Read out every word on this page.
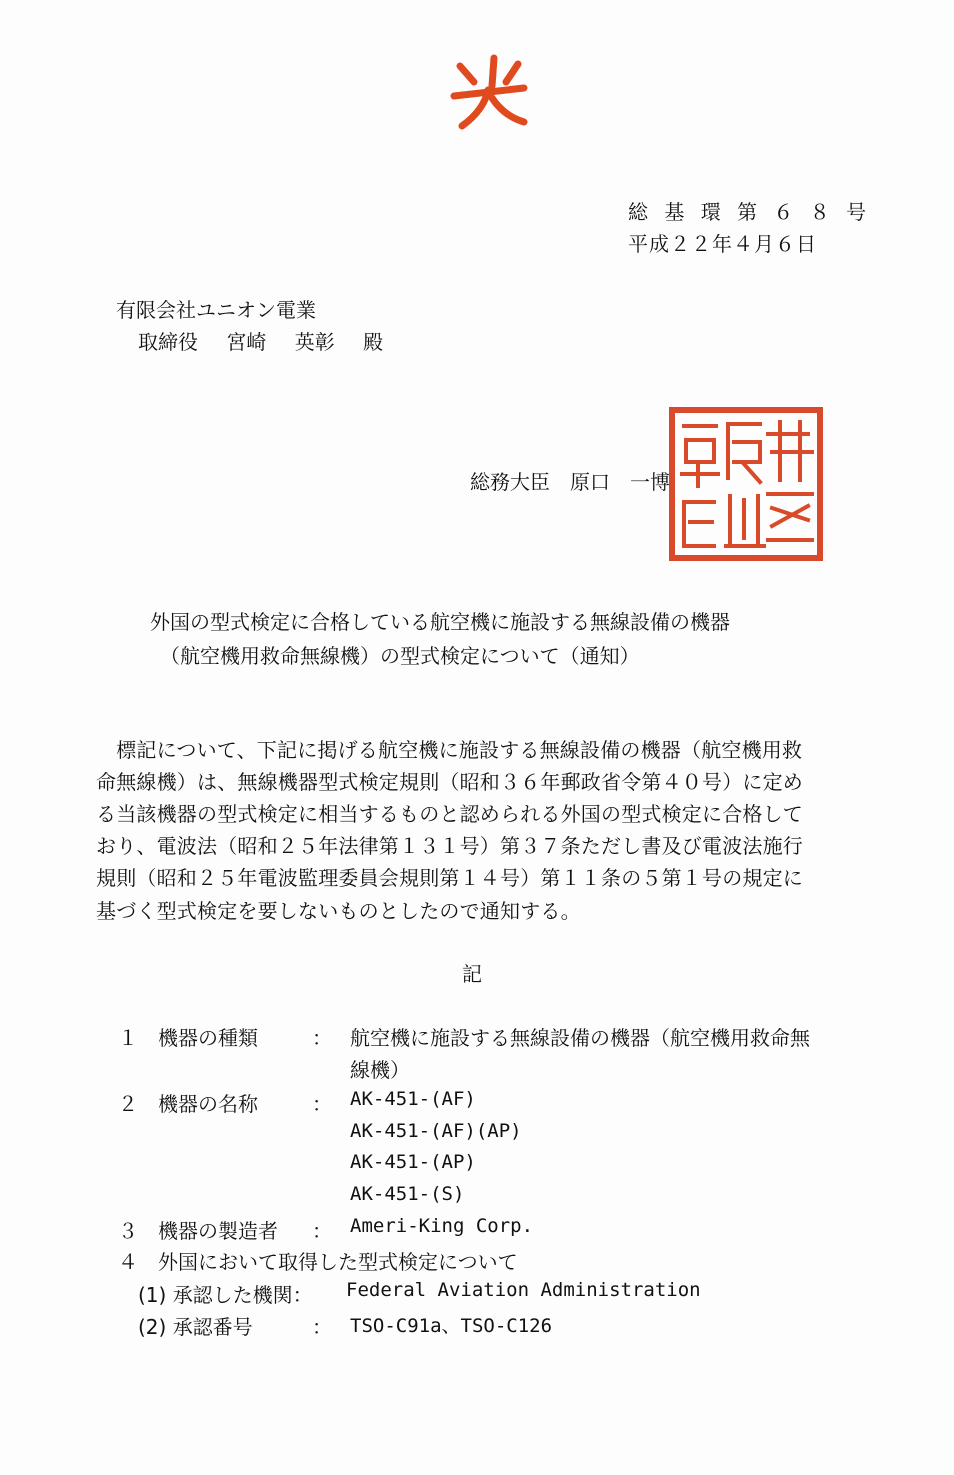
総 基 環 第 ６ ８ 号
平成２２年４月６日
有限会社ユニオン電業
取締役 宮崎 英彰 殿
総務大臣　原口　一博
外国の型式検定に合格している航空機に施設する無線設備の機器
（航空機用救命無線機）の型式検定について（通知）
　標記について、下記に掲げる航空機に施設する無線設備の機器（航空機用救
命無線機）は、無線機器型式検定規則（昭和３６年郵政省令第４０号）に定め
る当該機器の型式検定に相当するものと認められる外国の型式検定に合格して
おり、電波法（昭和２５年法律第１３１号）第３７条ただし書及び電波法施行
規則（昭和２５年電波監理委員会規則第１４号）第１１条の５第１号の規定に
基づく型式検定を要しないものとしたので通知する。
記
１ 機器の種類	： 航空機に施設する無線設備の機器（航空機用救命無
線機）
２ 機器の名称	： AK-451-(AF)
AK-451-(AF)(AP)
AK-451-(AP)
AK-451-(S)
３ 機器の製造者 ： Ameri-King Corp.
４ 外国において取得した型式検定について
(1) 承認した機関： Federal Aviation Administration
(2) 承認番号	： TSO-C91a、TSO-C126
